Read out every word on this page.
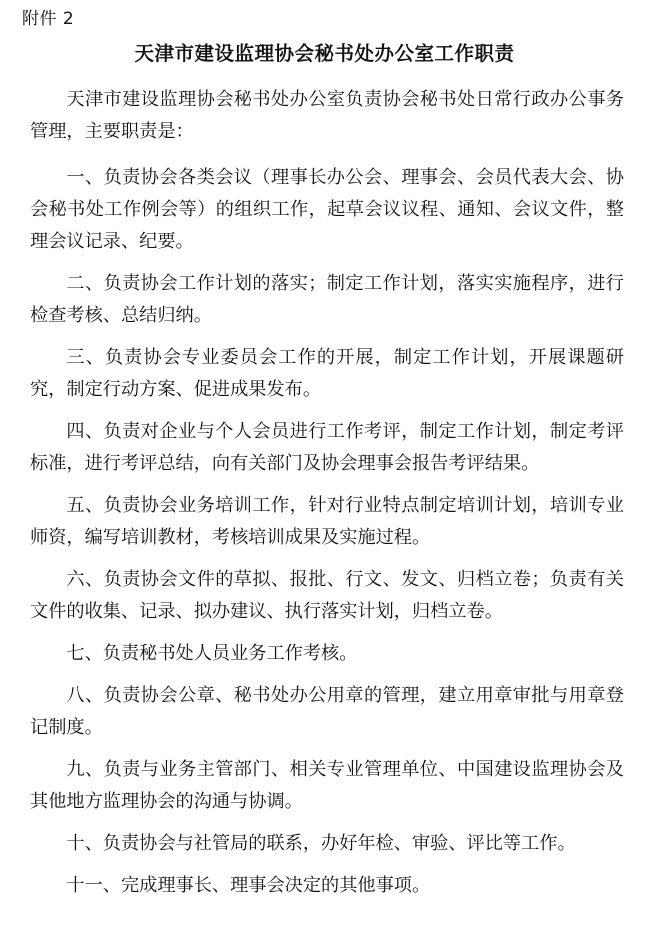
附件 2
天津市建设监理协会秘书处办公室工作职责

天津市建设监理协会秘书处办公室负责协会秘书处日常行政办公事务管理，主要职责是：

一、负责协会各类会议（理事长办公会、理事会、会员代表大会、协会秘书处工作例会等）的组织工作，起草会议议程、通知、会议文件，整理会议记录、纪要。

二、负责协会工作计划的落实；制定工作计划，落实实施程序，进行检查考核、总结归纳。

三、负责协会专业委员会工作的开展，制定工作计划，开展课题研究，制定行动方案、促进成果发布。

四、负责对企业与个人会员进行工作考评，制定工作计划，制定考评标准，进行考评总结，向有关部门及协会理事会报告考评结果。

五、负责协会业务培训工作，针对行业特点制定培训计划，培训专业师资，编写培训教材，考核培训成果及实施过程。

六、负责协会文件的草拟、报批、行文、发文、归档立卷；负责有关文件的收集、记录、拟办建议、执行落实计划，归档立卷。

七、负责秘书处人员业务工作考核。

八、负责协会公章、秘书处办公用章的管理，建立用章审批与用章登记制度。

九、负责与业务主管部门、相关专业管理单位、中国建设监理协会及其他地方监理协会的沟通与协调。

十、负责协会与社管局的联系，办好年检、审验、评比等工作。

十一、完成理事长、理事会决定的其他事项。
